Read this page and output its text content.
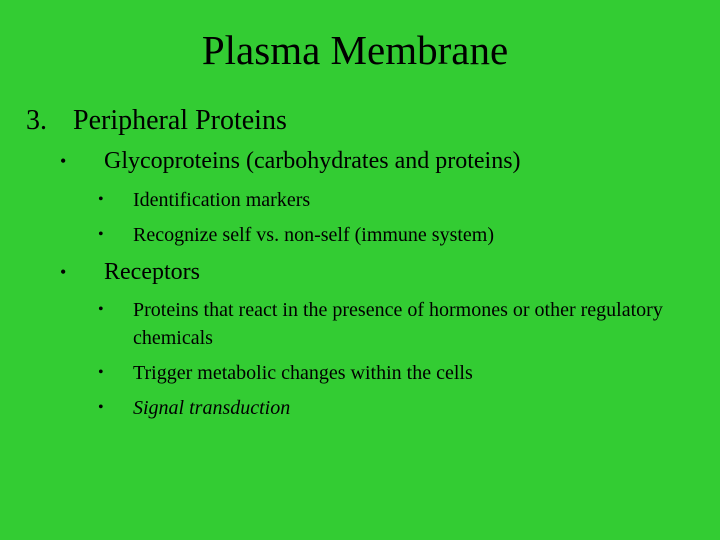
Plasma Membrane
3. Peripheral Proteins
• Glycoproteins (carbohydrates and proteins)
• Identification markers
• Recognize self vs. non-self (immune system)
• Receptors
• Proteins that react in the presence of hormones or other regulatory chemicals
• Trigger metabolic changes within the cells
• Signal transduction
